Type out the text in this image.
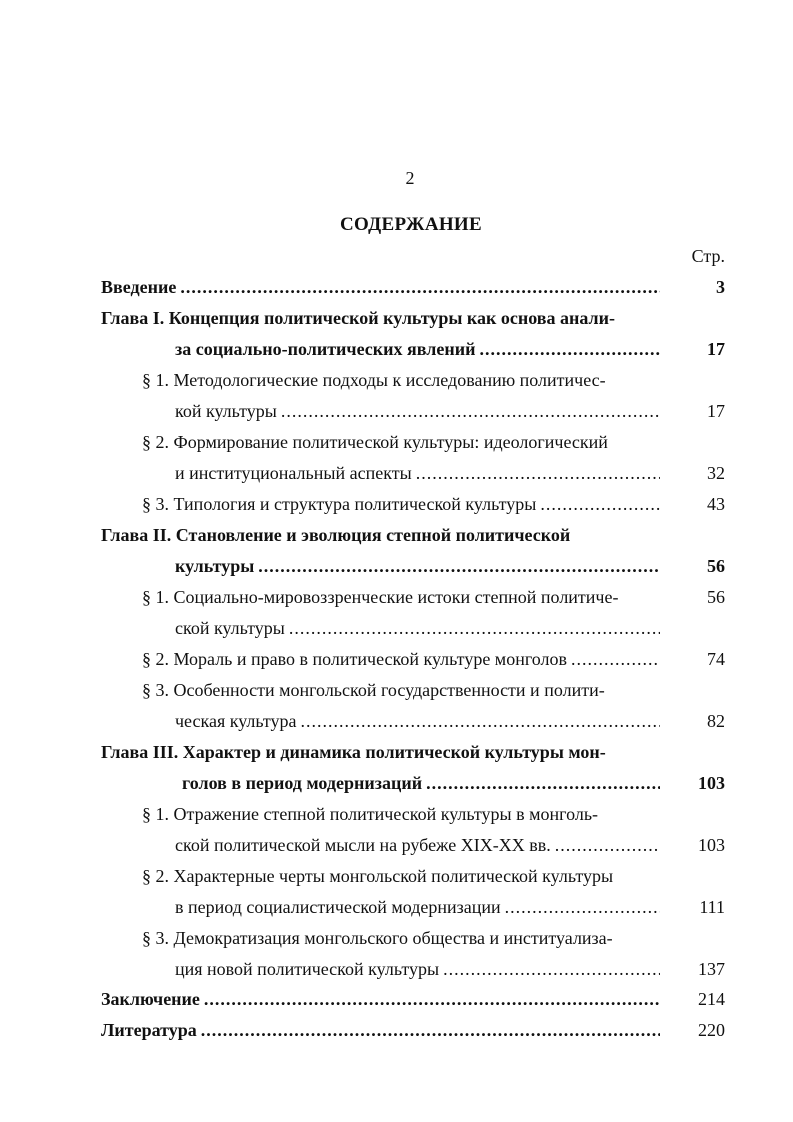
2
СОДЕРЖАНИЕ
Стр.
Введение .....	3
Глава I. Концепция политической культуры как основа анали-
за социально-политических явлений .....	17
§ 1. Методологические подходы к исследованию политичес-
кой культуры .....	17
§ 2. Формирование политической культуры: идеологический
и институциональный аспекты .....	32
§ 3. Типология и структура политической культуры .....	43
Глава II. Становление и эволюция степной политической
культуры .....	56
§ 1. Социально-мировоззренческие истоки степной политиче-	56
ской культуры
.....
§ 2. Мораль и право в политической культуре монголов .....	74
§ 3. Особенности монгольской государственности и полити-
ческая культура .....	82
Глава III. Характер и динамика политической культуры мон-
голов в период модернизаций .....	103
§ 1. Отражение степной политической культуры в монголь-
ской политической мысли на рубеже XIX-XX вв. .....	103
§ 2. Характерные черты монгольской политической культуры
в период социалистической модернизации .....	111
§ 3. Демократизация монгольского общества и институализа-
ция новой политической культуры .....	137
Заключение .....	214
Литература .....	220
